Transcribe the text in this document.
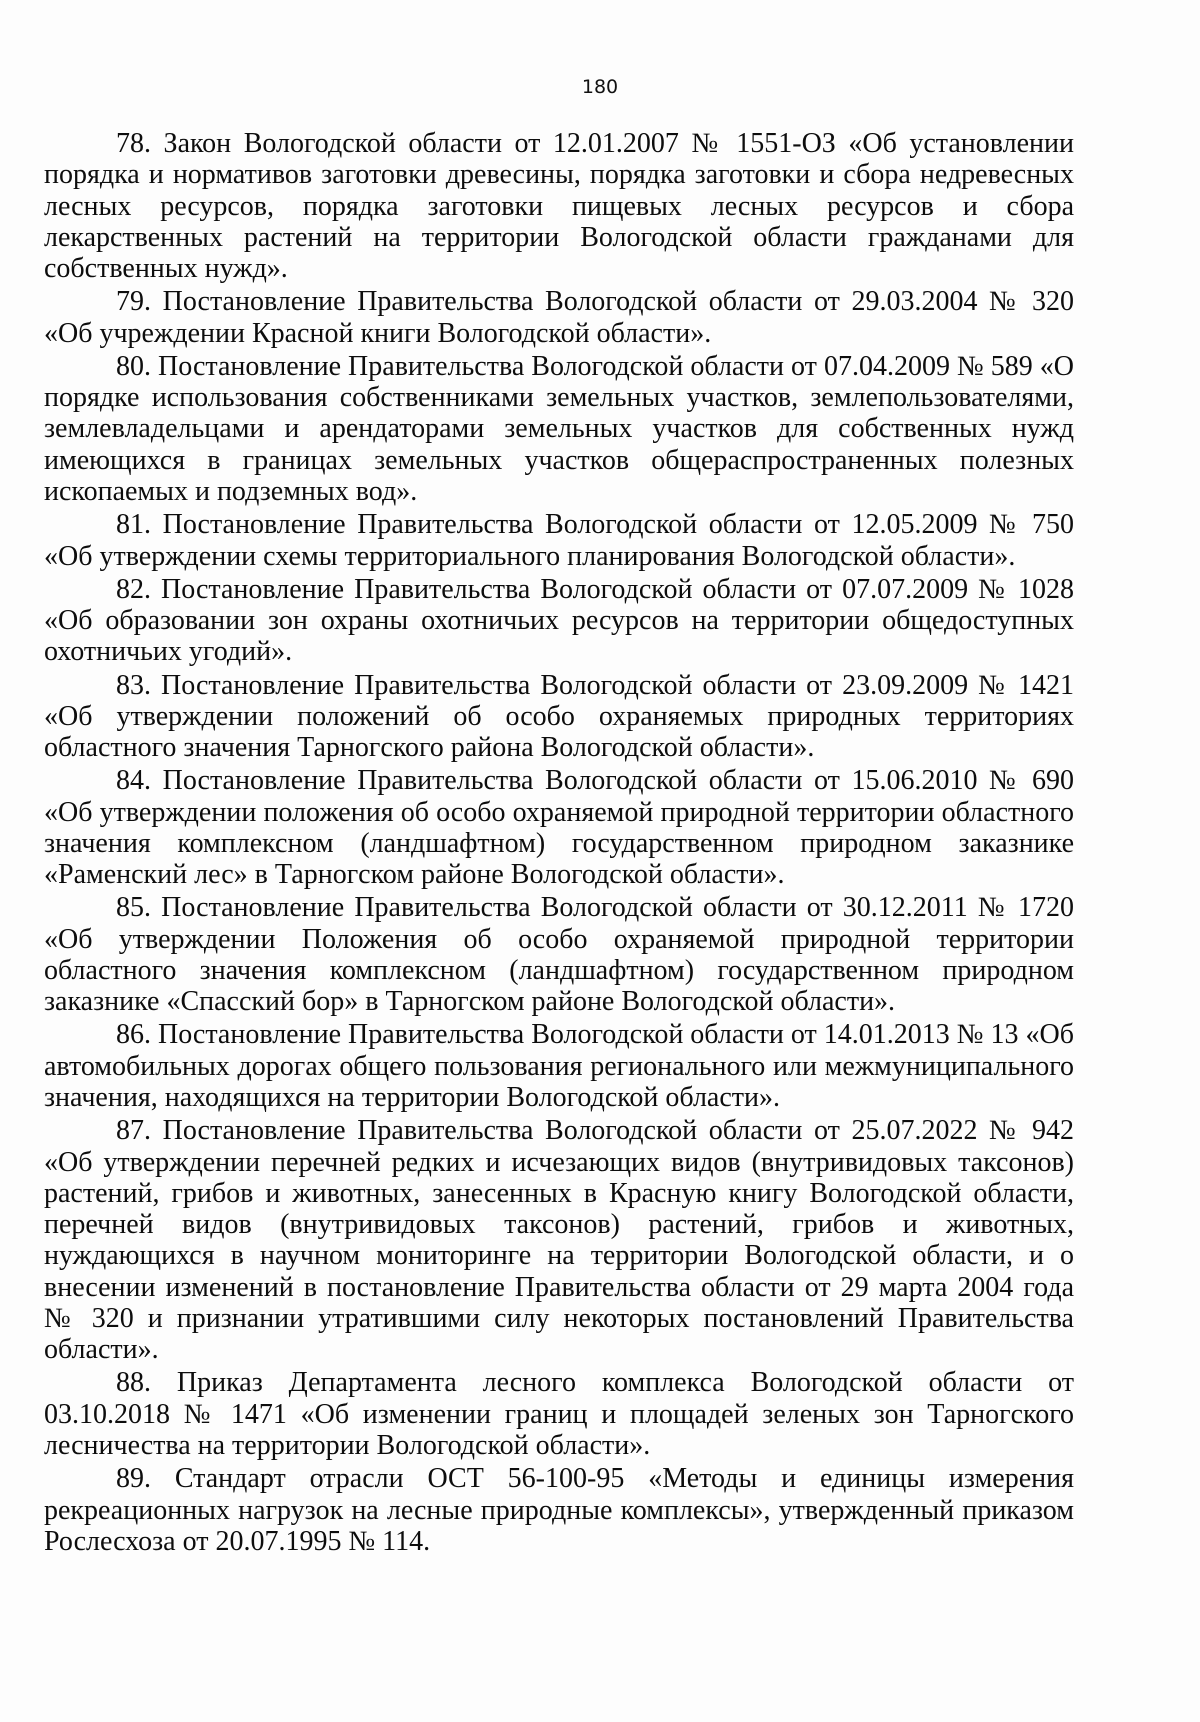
180

78. Закон Вологодской области от 12.01.2007 № 1551-ОЗ «Об установлении порядка и нормативов заготовки древесины, порядка заготовки и сбора недревесных лесных ресурсов, порядка заготовки пищевых лесных ресурсов и сбора лекарственных растений на территории Вологодской области гражданами для собственных нужд».

79. Постановление Правительства Вологодской области от 29.03.2004 № 320 «Об учреждении Красной книги Вологодской области».

80. Постановление Правительства Вологодской области от 07.04.2009 № 589 «О порядке использования собственниками земельных участков, землепользователями, землевладельцами и арендаторами земельных участков для собственных нужд имеющихся в границах земельных участков общераспространенных полезных ископаемых и подземных вод».

81. Постановление Правительства Вологодской области от 12.05.2009 № 750 «Об утверждении схемы территориального планирования Вологодской области».

82. Постановление Правительства Вологодской области от 07.07.2009 № 1028 «Об образовании зон охраны охотничьих ресурсов на территории общедоступных охотничьих угодий».

83. Постановление Правительства Вологодской области от 23.09.2009 № 1421 «Об утверждении положений об особо охраняемых природных территориях областного значения Тарногского района Вологодской области».

84. Постановление Правительства Вологодской области от 15.06.2010 № 690 «Об утверждении положения об особо охраняемой природной территории областного значения комплексном (ландшафтном) государственном природном заказнике «Раменский лес» в Тарногском районе Вологодской области».

85. Постановление Правительства Вологодской области от 30.12.2011 № 1720 «Об утверждении Положения об особо охраняемой природной территории областного значения комплексном (ландшафтном) государственном природном заказнике «Спасский бор» в Тарногском районе Вологодской области».

86. Постановление Правительства Вологодской области от 14.01.2013 № 13 «Об автомобильных дорогах общего пользования регионального или межмуниципального значения, находящихся на территории Вологодской области».

87. Постановление Правительства Вологодской области от 25.07.2022 № 942 «Об утверждении перечней редких и исчезающих видов (внутривидовых таксонов) растений, грибов и животных, занесенных в Красную книгу Вологодской области, перечней видов (внутривидовых таксонов) растений, грибов и животных, нуждающихся в научном мониторинге на территории Вологодской области, и о внесении изменений в постановление Правительства области от 29 марта 2004 года № 320 и признании утратившими силу некоторых постановлений Правительства области».

88. Приказ Департамента лесного комплекса Вологодской области от 03.10.2018 № 1471 «Об изменении границ и площадей зеленых зон Тарногского лесничества на территории Вологодской области».

89. Стандарт отрасли ОСТ 56-100-95 «Методы и единицы измерения рекреационных нагрузок на лесные природные комплексы», утвержденный приказом Рослесхоза от 20.07.1995 № 114.
